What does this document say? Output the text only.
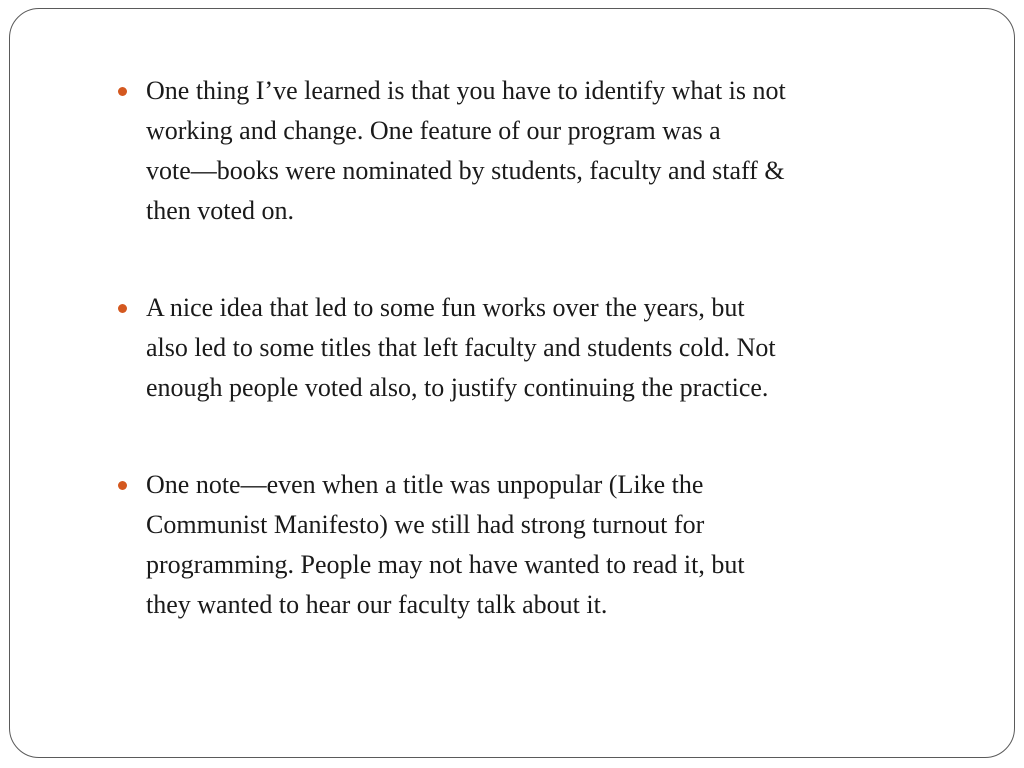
One thing I’ve learned is that you have to identify what is not
working and change. One feature of our program was a
vote—books were nominated by students, faculty and staff &
then voted on.
A nice idea that led to some fun works over the years, but
also led to some titles that left faculty and students cold. Not
enough people voted also, to justify continuing the practice.
One note—even when a title was unpopular (Like the
Communist Manifesto) we still had strong turnout for
programming. People may not have wanted to read it, but
they wanted to hear our faculty talk about it.
